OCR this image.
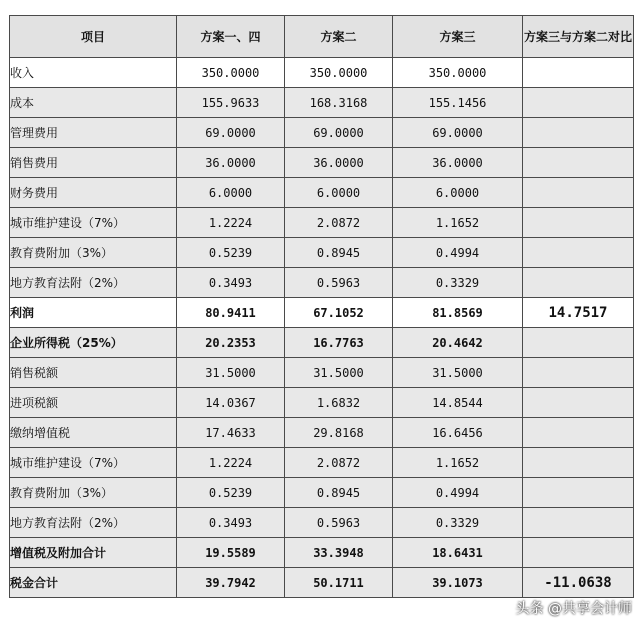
项目	方案一、四	方案二	方案三	方案三与方案二对比
收入	350.0000	350.0000	350.0000	
成本	155.9633	168.3168	155.1456	
管理费用	69.0000	69.0000	69.0000	
销售费用	36.0000	36.0000	36.0000	
财务费用	6.0000	6.0000	6.0000	
城市维护建设（7%）	1.2224	2.0872	1.1652	
教育费附加（3%）	0.5239	0.8945	0.4994	
地方教育法附（2%）	0.3493	0.5963	0.3329	
利润	80.9411	67.1052	81.8569	14.7517
企业所得税（25%）	20.2353	16.7763	20.4642	
销售税额	31.5000	31.5000	31.5000	
进项税额	14.0367	1.6832	14.8544	
缴纳增值税	17.4633	29.8168	16.6456	
城市维护建设（7%）	1.2224	2.0872	1.1652	
教育费附加（3%）	0.5239	0.8945	0.4994	
地方教育法附（2%）	0.3493	0.5963	0.3329	
增值税及附加合计	19.5589	33.3948	18.6431	
税金合计	39.7942	50.1711	39.1073	-11.0638
头条 @共享会计师
